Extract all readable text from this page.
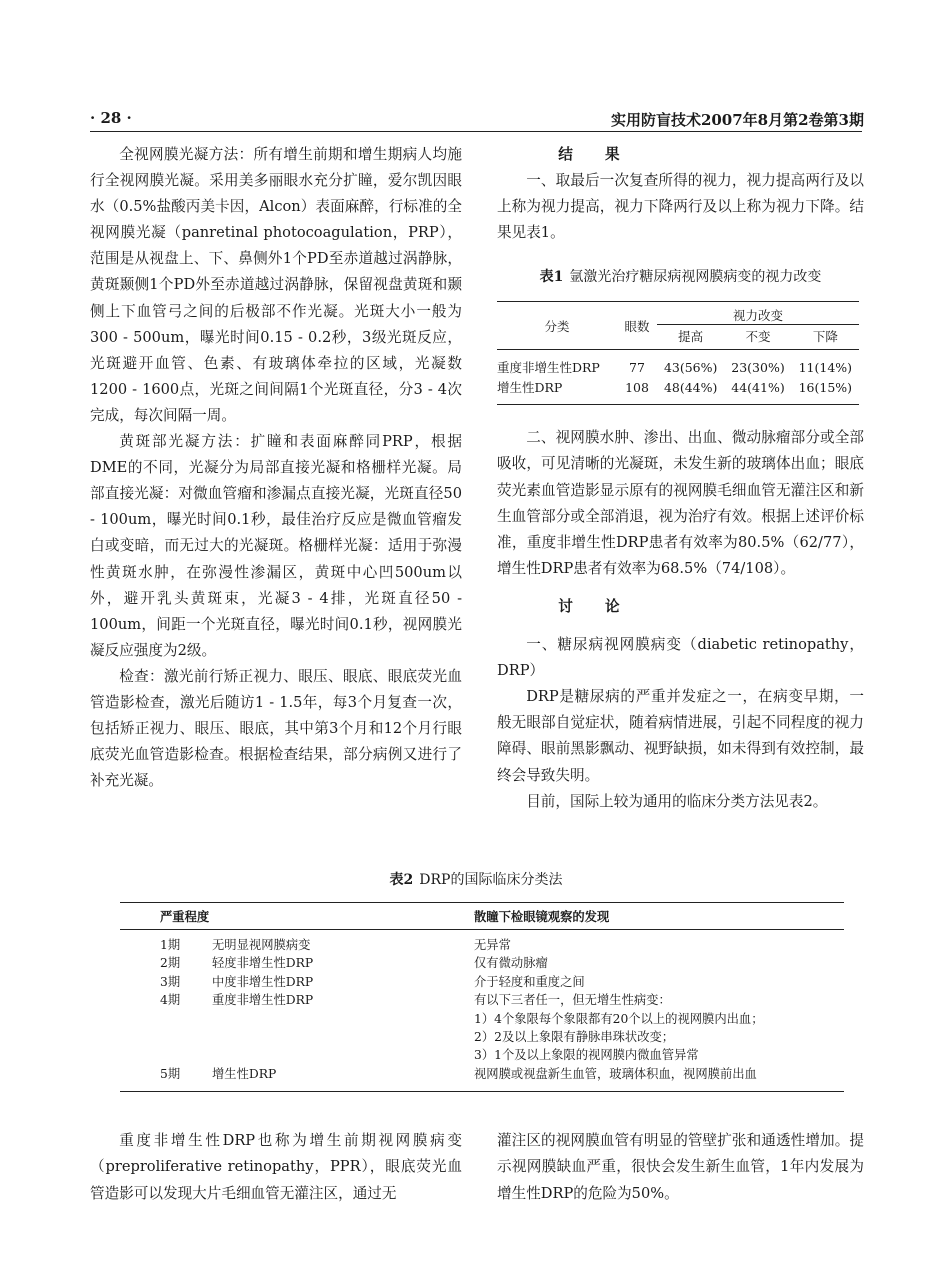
· 28 ·	实用防盲技术2007年8月第2卷第3期

全视网膜光凝方法：所有增生前期和增生期病人均施行全视网膜光凝。采用美多丽眼水充分扩瞳，爱尔凯因眼水（0.5%盐酸丙美卡因，Alcon）表面麻醉，行标准的全视网膜光凝（panretinal photocoagulation，PRP），范围是从视盘上、下、鼻侧外1个PD至赤道越过涡静脉，黄斑颞侧1个PD外至赤道越过涡静脉，保留视盘黄斑和颞侧上下血管弓之间的后极部不作光凝。光斑大小一般为300 - 500um，曝光时间0.15 - 0.2秒，3级光斑反应，光斑避开血管、色素、有玻璃体牵拉的区域，光凝数1200 - 1600点，光斑之间间隔1个光斑直径，分3 - 4次完成，每次间隔一周。

黄斑部光凝方法：扩瞳和表面麻醉同PRP，根据DME的不同，光凝分为局部直接光凝和格栅样光凝。局部直接光凝：对微血管瘤和渗漏点直接光凝，光斑直径50 - 100um，曝光时间0.1秒，最佳治疗反应是微血管瘤发白或变暗，而无过大的光凝斑。格栅样光凝：适用于弥漫性黄斑水肿，在弥漫性渗漏区，黄斑中心凹500um以外，避开乳头黄斑束，光凝3 - 4排，光斑直径50 - 100um，间距一个光斑直径，曝光时间0.1秒，视网膜光凝反应强度为2级。

检查：激光前行矫正视力、眼压、眼底、眼底荧光血管造影检查，激光后随访1 - 1.5年，每3个月复查一次，包括矫正视力、眼压、眼底，其中第3个月和12个月行眼底荧光血管造影检查。根据检查结果，部分病例又进行了补充光凝。

结果

一、取最后一次复查所得的视力，视力提高两行及以上称为视力提高，视力下降两行及以上称为视力下降。结果见表1。

表1 氩激光治疗糖尿病视网膜病变的视力改变
分类	眼数	视力改变		
		提高	不变	下降
重度非增生性DRP	77	43(56%)	23(30%)	11(14%)
增生性DRP	108	48(44%)	44(41%)	16(15%)

二、视网膜水肿、渗出、出血、微动脉瘤部分或全部吸收，可见清晰的光凝斑，未发生新的玻璃体出血；眼底荧光素血管造影显示原有的视网膜毛细血管无灌注区和新生血管部分或全部消退，视为治疗有效。根据上述评价标准，重度非增生性DRP患者有效率为80.5%（62/77），增生性DRP患者有效率为68.5%（74/108）。

讨论

一、糖尿病视网膜病变（diabetic retinopathy，DRP）

DRP是糖尿病的严重并发症之一，在病变早期，一般无眼部自觉症状，随着病情进展，引起不同程度的视力障碍、眼前黑影飘动、视野缺损，如未得到有效控制，最终会导致失明。

目前，国际上较为通用的临床分类方法见表2。

表2 DRP的国际临床分类法
严重程度	散瞳下检眼镜观察的发现
1期	无明显视网膜病变	无异常
2期	轻度非增生性DRP	仅有微动脉瘤
3期	中度非增生性DRP	介于轻度和重度之间
4期	重度非增生性DRP	有以下三者任一，但无增生性病变：
1）4个象限每个象限都有20个以上的视网膜内出血；
2）2及以上象限有静脉串珠状改变；
3）1个及以上象限的视网膜内微血管异常
5期	增生性DRP	视网膜或视盘新生血管，玻璃体积血，视网膜前出血

重度非增生性DRP也称为增生前期视网膜病变（preproliferative retinopathy，PPR），眼底荧光血管造影可以发现大片毛细血管无灌注区，通过无

灌注区的视网膜血管有明显的管壁扩张和通透性增加。提示视网膜缺血严重，很快会发生新生血管，1年内发展为增生性DRP的危险为50%。
